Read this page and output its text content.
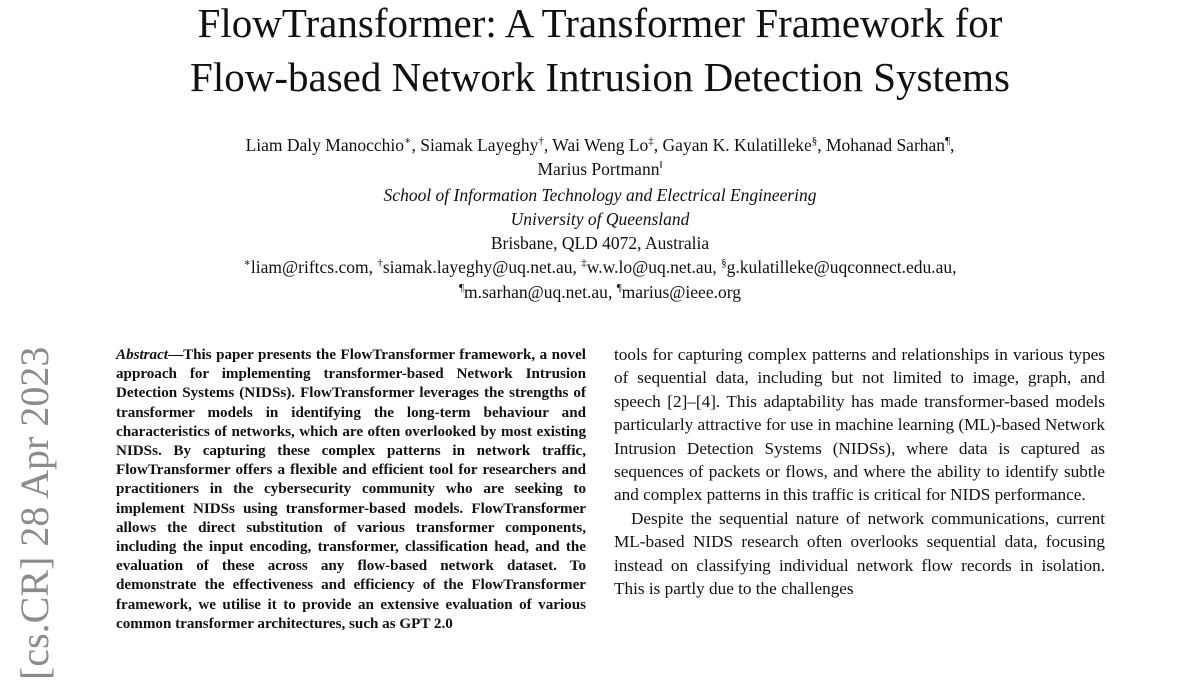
FlowTransformer: A Transformer Framework for
Flow-based Network Intrusion Detection Systems
Liam Daly Manocchio∗, Siamak Layeghy†, Wai Weng Lo‡, Gayan K. Kulatilleke§, Mohanad Sarhan¶,
Marius Portmann‖
School of Information Technology and Electrical Engineering
University of Queensland
Brisbane, QLD 4072, Australia
∗liam@riftcs.com, †siamak.layeghy@uq.net.au, ‡w.w.lo@uq.net.au, §g.kulatilleke@uqconnect.edu.au,
¶m.sarhan@uq.net.au, ¶marius@ieee.org
[cs.CR] 28 Apr 2023	Abstract—This paper presents the FlowTransformer framework, a novel approach for implementing transformer-based Network Intrusion Detection Systems (NIDSs). FlowTransformer leverages the strengths of transformer models in identifying the long-term behaviour and characteristics of networks, which are often overlooked by most existing NIDSs. By capturing these complex patterns in network traffic, FlowTransformer offers a flexible and efficient tool for researchers and practitioners in the cybersecurity community who are seeking to implement NIDSs using transformer-based models. FlowTransformer allows the direct substitution of various transformer components, including the input encoding, transformer, classification head, and the evaluation of these across any flow-based network dataset. To demonstrate the effectiveness and efficiency of the FlowTransformer framework, we utilise it to provide an extensive evaluation of various common transformer architectures, such as GPT 2.0

tools for capturing complex patterns and relationships in various types of sequential data, including but not limited to image, graph, and speech [2]–[4]. This adaptability has made transformer-based models particularly attractive for use in machine learning (ML)-based Network Intrusion Detection Systems (NIDSs), where data is captured as sequences of packets or flows, and where the ability to identify subtle and complex patterns in this traffic is critical for NIDS performance.

Despite the sequential nature of network communications, current ML-based NIDS research often overlooks sequential data, focusing instead on classifying individual network flow records in isolation. This is partly due to the challenges
